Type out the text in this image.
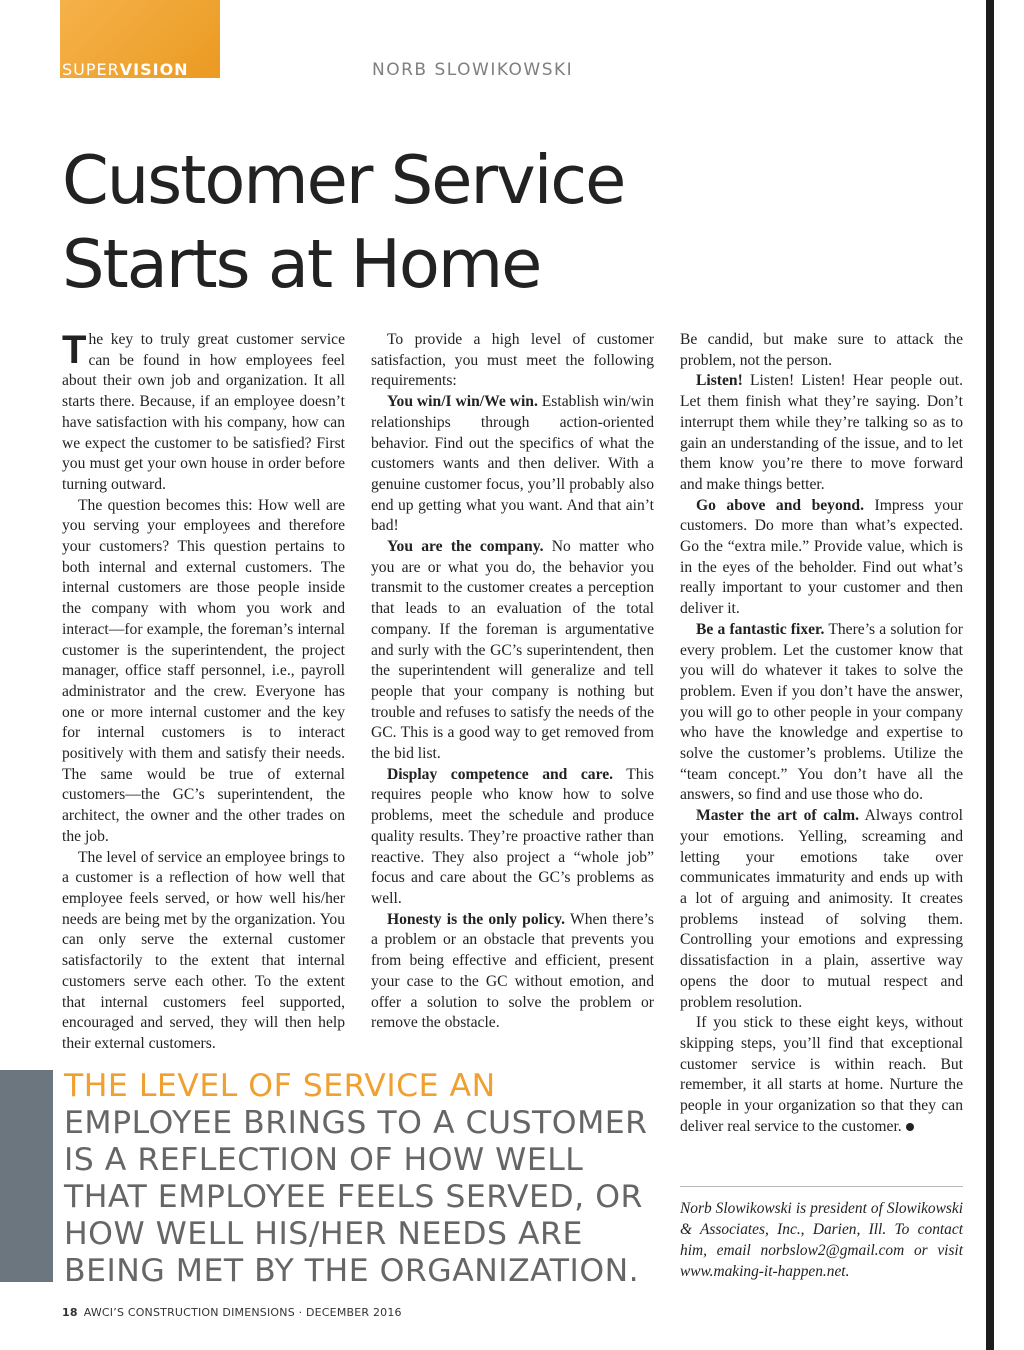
SUPERVISION	NORB SLOWIKOWSKI
Customer Service
Starts at Home

The key to truly great customer service can be found in how employees feel about their own job and organization. It all starts there. Because, if an employee doesn’t have satisfaction with his company, how can we expect the customer to be satisfied? First you must get your own house in order before turning outward.

The question becomes this: How well are you serving your employees and therefore your customers? This question pertains to both internal and external customers. The internal customers are those people inside the company with whom you work and interact—for example, the foreman’s internal customer is the superintendent, the project manager, office staff personnel, i.e., payroll administrator and the crew. Everyone has one or more internal customer and the key for internal customers is to interact positively with them and satisfy their needs. The same would be true of external customers—the GC’s superintendent, the architect, the owner and the other trades on the job.

The level of service an employee brings to a customer is a reflection of how well that employee feels served, or how well his/her needs are being met by the organization. You can only serve the external customer satisfactorily to the extent that internal customers serve each other. To the extent that internal customers feel supported, encouraged and served, they will then help their external customers.

To provide a high level of customer satisfaction, you must meet the following requirements:

You win/I win/We win. Establish win/win relationships through action-oriented behavior. Find out the specifics of what the customers wants and then deliver. With a genuine customer focus, you’ll probably also end up getting what you want. And that ain’t bad!

You are the company. No matter who you are or what you do, the behavior you transmit to the customer creates a perception that leads to an evaluation of the total company. If the foreman is argumentative and surly with the GC’s superintendent, then the superintendent will generalize and tell people that your company is nothing but trouble and refuses to satisfy the needs of the GC. This is a good way to get removed from the bid list.

Display competence and care. This requires people who know how to solve problems, meet the schedule and produce quality results. They’re proactive rather than reactive. They also project a “whole job” focus and care about the GC’s problems as well.

Honesty is the only policy. When there’s a problem or an obstacle that prevents you from being effective and efficient, present your case to the GC without emotion, and offer a solution to solve the problem or remove the obstacle.

Be candid, but make sure to attack the problem, not the person.

Listen! Listen! Listen! Hear people out. Let them finish what they’re saying. Don’t interrupt them while they’re talking so as to gain an understanding of the issue, and to let them know you’re there to move forward and make things better.

Go above and beyond. Impress your customers. Do more than what’s expected. Go the “extra mile.” Provide value, which is in the eyes of the beholder. Find out what’s really important to your customer and then deliver it.

Be a fantastic fixer. There’s a solution for every problem. Let the customer know that you will do whatever it takes to solve the problem. Even if you don’t have the answer, you will go to other people in your company who have the knowledge and expertise to solve the customer’s problems. Utilize the “team concept.” You don’t have all the answers, so find and use those who do.

Master the art of calm. Always control your emotions. Yelling, screaming and letting your emotions take over communicates immaturity and ends up with a lot of arguing and animosity. It creates problems instead of solving them. Controlling your emotions and expressing dissatisfaction in a plain, assertive way opens the door to mutual respect and problem resolution.

If you stick to these eight keys, without skipping steps, you’ll find that exceptional customer service is within reach. But remember, it all starts at home. Nurture the people in your organization so that they can deliver real service to the customer.

THE LEVEL OF SERVICE AN EMPLOYEE BRINGS TO A CUSTOMER IS A REFLECTION OF HOW WELL THAT EMPLOYEE FEELS SERVED, OR HOW WELL HIS/HER NEEDS ARE BEING MET BY THE ORGANIZATION.

Norb Slowikowski is president of Slowikowski & Associates, Inc., Darien, Ill. To contact him, email norbslow2@gmail.com or visit www.making-it-happen.net.

18 AWCI’S CONSTRUCTION DIMENSIONS · DECEMBER 2016
